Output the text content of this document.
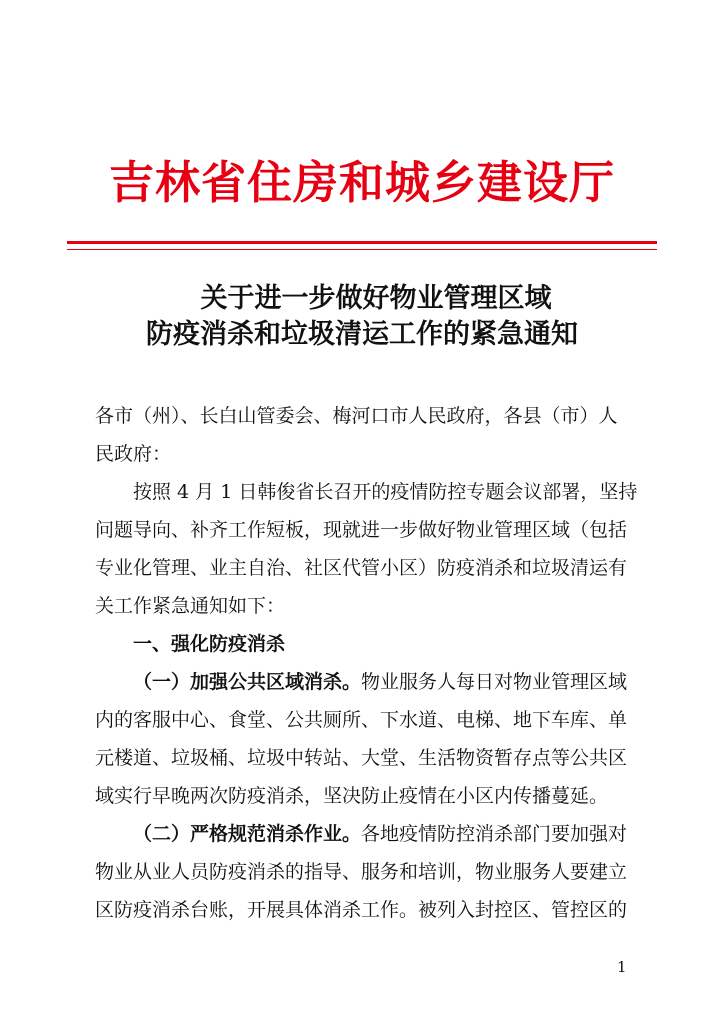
吉林省住房和城乡建设厅
关于进一步做好物业管理区域
防疫消杀和垃圾清运工作的紧急通知

各市（州）、长白山管委会、梅河口市人民政府，各县（市）人

民政府：

按照 4 月 1 日韩俊省长召开的疫情防控专题会议部署，坚持

问题导向、补齐工作短板，现就进一步做好物业管理区域（包括

专业化管理、业主自治、社区代管小区）防疫消杀和垃圾清运有

关工作紧急通知如下：

一、强化防疫消杀

（一）加强公共区域消杀。物业服务人每日对物业管理区域

内的客服中心、食堂、公共厕所、下水道、电梯、地下车库、单

元楼道、垃圾桶、垃圾中转站、大堂、生活物资暂存点等公共区

域实行早晚两次防疫消杀，坚决防止疫情在小区内传播蔓延。

（二）严格规范消杀作业。各地疫情防控消杀部门要加强对

物业从业人员防疫消杀的指导、服务和培训，物业服务人要建立

区防疫消杀台账，开展具体消杀工作。被列入封控区、管控区的

1
